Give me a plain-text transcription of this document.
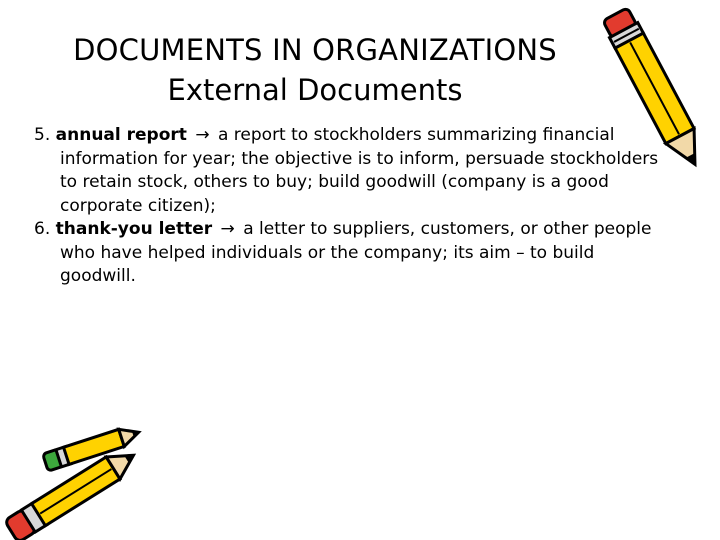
DOCUMENTS IN ORGANIZATIONS
External Documents
5. annual report → a report to stockholders summarizing financial information for year; the objective is to inform, persuade stockholders to retain stock, others to buy; build goodwill (company is a good corporate citizen);
6. thank-you letter → a letter to suppliers, customers, or other people who have helped individuals or the company; its aim – to build goodwill.
